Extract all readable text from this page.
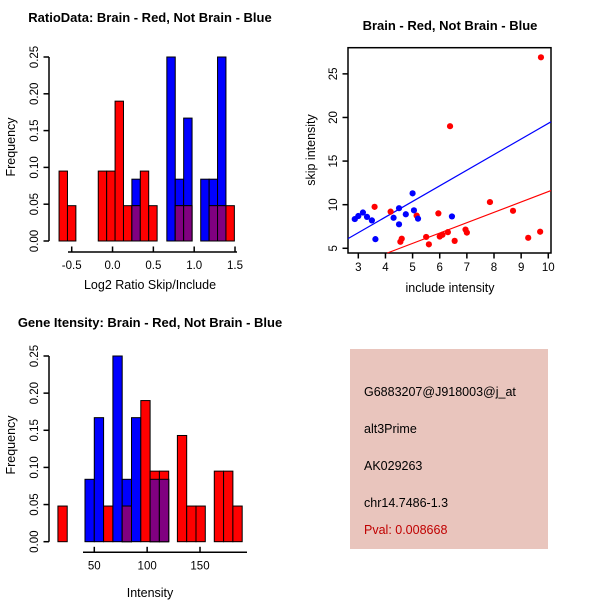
-0.5 0.0 0.5 1.0 1.5
0.00
0.05
0.10
0.15
0.20
0.25
RatioData: Brain - Red, Not Brain - Blue
Log2 Ratio Skip/Include
Frequency
3 4 5 6 7 8 9 10
5
10
15
20
25
Brain - Red, Not Brain - Blue
include intensity
skip intensity
50	100	150
0.00
0.05
0.10
0.15
0.20
0.25
Gene Itensity: Brain - Red, Not Brain - Blue
Intensity
Frequency
G6883207@J918003@j_at
alt3Prime
AK029263
chr14.7486-1.3
Pval: 0.008668
